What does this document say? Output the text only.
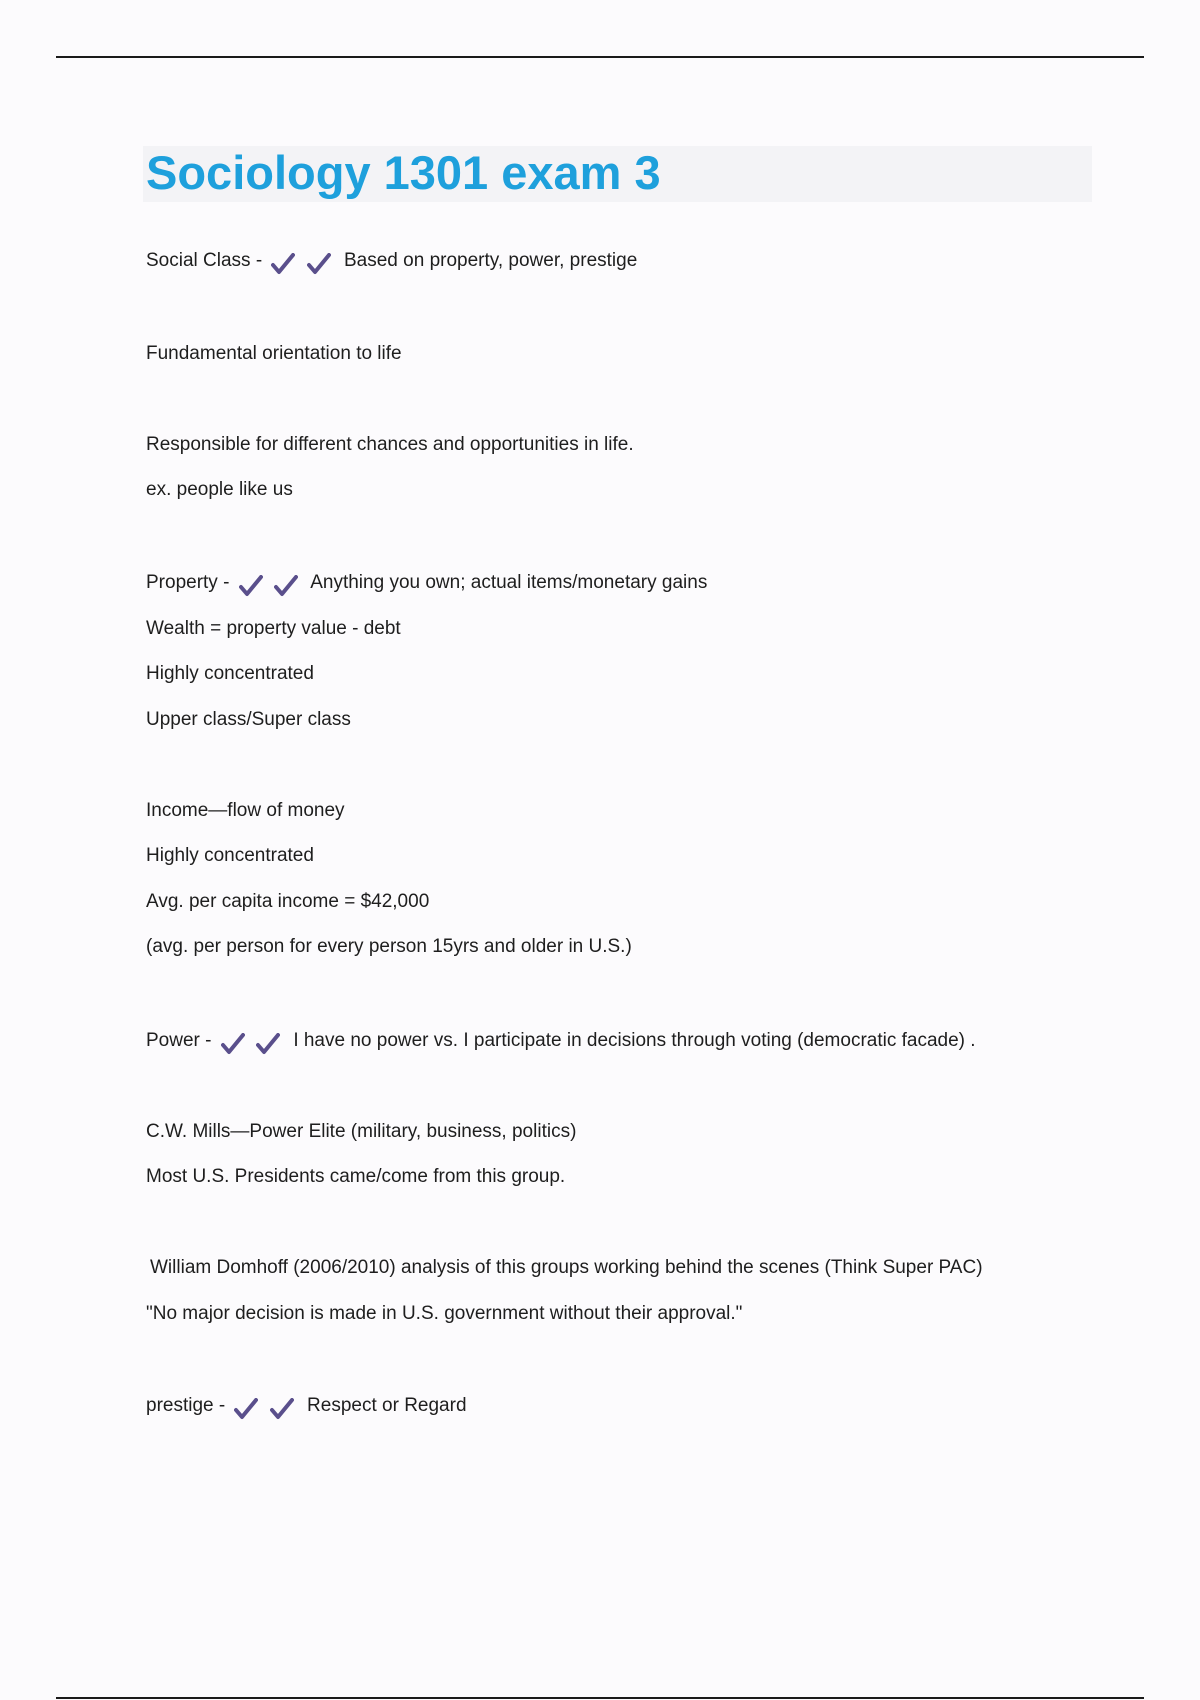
Sociology 1301 exam 3
Social Class -
	Based on property, power, prestige
Fundamental orientation to life
Responsible for different chances and opportunities in life.
ex. people like us
Property -
	Anything you own; actual items/monetary gains
Wealth = property value - debt
Highly concentrated
Upper class/Super class
Income—flow of money
Highly concentrated
Avg. per capita income = $42,000
(avg. per person for every person 15yrs and older in U.S.)
Power -
	I have no power vs. I participate in decisions through voting (democratic facade) .
C.W. Mills—Power Elite (military, business, politics)
Most U.S. Presidents came/come from this group.
William Domhoff (2006/2010) analysis of this groups working behind the scenes (Think Super PAC)
"No major decision is made in U.S. government without their approval."
prestige -
	Respect or Regard
